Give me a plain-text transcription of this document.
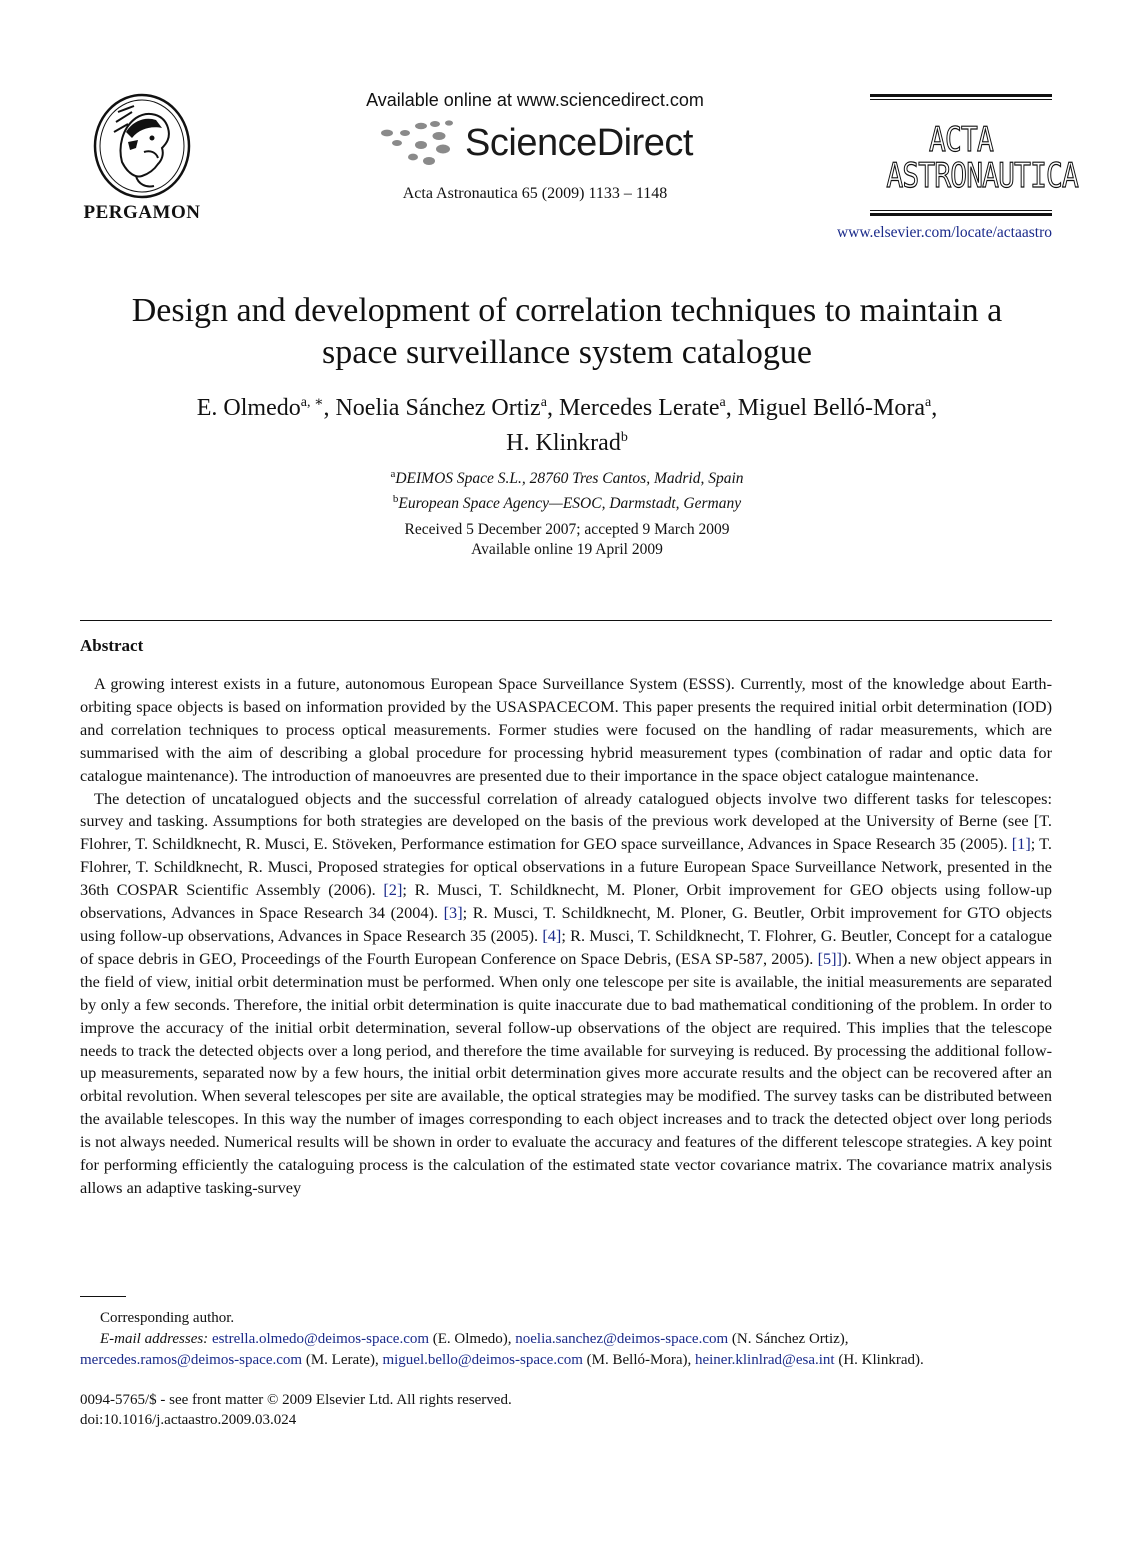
PERGAMON
Available online at www.sciencedirect.com
ScienceDirect
Acta Astronautica 65 (2009) 1133 – 1148
ACTA
ASTRONAUTICA
www.elsevier.com/locate/actaastro
Design and development of correlation techniques to maintain a
space surveillance system catalogue
E. Olmedo$^{a, ∗}$, Noelia Sánchez Ortiz$^a$, Mercedes Lerate$^a$, Miguel Belló-Mora$^a$,
H. Klinkrad$^b$
$^a$DEIMOS Space S.L., 28760 Tres Cantos, Madrid, Spain
$^b$European Space Agency—ESOC, Darmstadt, Germany
Received 5 December 2007; accepted 9 March 2009
Available online 19 April 2009
Abstract

A growing interest exists in a future, autonomous European Space Surveillance System (ESSS). Currently, most of the knowledge about Earth-orbiting space objects is based on information provided by the USASPACECOM. This paper presents the required initial orbit determination (IOD) and correlation techniques to process optical measurements. Former studies were focused on the handling of radar measurements, which are summarised with the aim of describing a global procedure for processing hybrid measurement types (combination of radar and optic data for catalogue maintenance). The introduction of manoeuvres are presented due to their importance in the space object catalogue maintenance.

The detection of uncatalogued objects and the successful correlation of already catalogued objects involve two different tasks for telescopes: survey and tasking. Assumptions for both strategies are developed on the basis of the previous work developed at the University of Berne (see [T. Flohrer, T. Schildknecht, R. Musci, E. Stöveken, Performance estimation for GEO space surveillance, Advances in Space Research 35 (2005). [1]; T. Flohrer, T. Schildknecht, R. Musci, Proposed strategies for optical observations in a future European Space Surveillance Network, presented in the 36th COSPAR Scientific Assembly (2006). [2]; R. Musci, T. Schildknecht, M. Ploner, Orbit improvement for GEO objects using follow-up observations, Advances in Space Research 34 (2004). [3]; R. Musci, T. Schildknecht, M. Ploner, G. Beutler, Orbit improvement for GTO objects using follow-up observations, Advances in Space Research 35 (2005). [4]; R. Musci, T. Schildknecht, T. Flohrer, G. Beutler, Concept for a catalogue of space debris in GEO, Proceedings of the Fourth European Conference on Space Debris, (ESA SP-587, 2005). [5]]). When a new object appears in the field of view, initial orbit determination must be performed. When only one telescope per site is available, the initial measurements are separated by only a few seconds. Therefore, the initial orbit determination is quite inaccurate due to bad mathematical conditioning of the problem. In order to improve the accuracy of the initial orbit determination, several follow-up observations of the object are required. This implies that the telescope needs to track the detected objects over a long period, and therefore the time available for surveying is reduced. By processing the additional follow-up measurements, separated now by a few hours, the initial orbit determination gives more accurate results and the object can be recovered after an orbital revolution. When several telescopes per site are available, the optical strategies may be modified. The survey tasks can be distributed between the available telescopes. In this way the number of images corresponding to each object increases and to track the detected object over long periods is not always needed. Numerical results will be shown in order to evaluate the accuracy and features of the different telescope strategies. A key point for performing efficiently the cataloguing process is the calculation of the estimated state vector covariance matrix. The covariance matrix analysis allows an adaptive tasking-survey

Corresponding author.

E-mail addresses: estrella.olmedo@deimos-space.com (E. Olmedo), noelia.sanchez@deimos-space.com (N. Sánchez Ortiz),

mercedes.ramos@deimos-space.com (M. Lerate), miguel.bello@deimos-space.com (M. Belló-Mora), heiner.klinlrad@esa.int (H. Klinkrad).

0094-5765/$ - see front matter © 2009 Elsevier Ltd. All rights reserved.

doi:10.1016/j.actaastro.2009.03.024
